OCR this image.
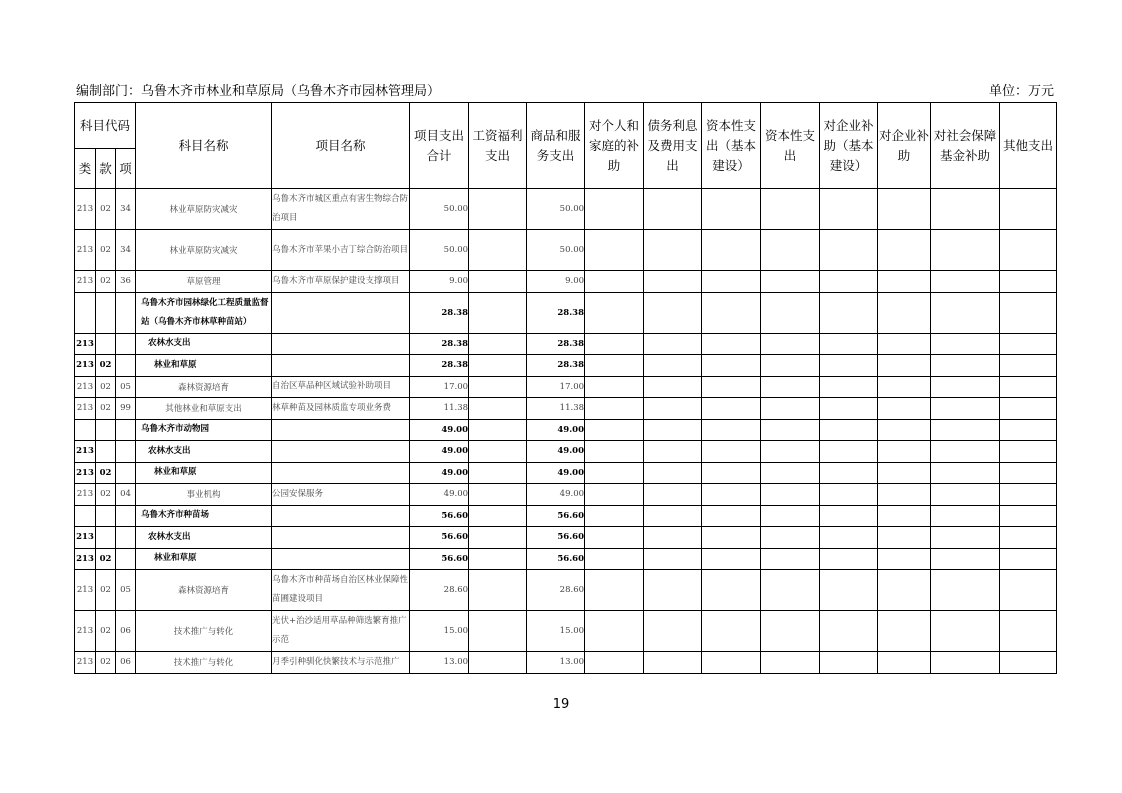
编制部门：乌鲁木齐市林业和草原局（乌鲁木齐市园林管理局）	单位：万元
科目代码			科目名称	项目名称	项目支出合计	工资福利支出	商品和服务支出	对个人和家庭的补助	债务利息及费用支出	资本性支出（基本建设）	资本性支出	对企业补助（基本建设）	对企业补助	对社会保障基金补助	其他支出
类	款	项													
213	02	34	林业草原防灾减灾	乌鲁木齐市城区重点有害生物综合防治项目	50.00		50.00								
213	02	34	林业草原防灾减灾	乌鲁木齐市苹果小吉丁综合防治项目	50.00		50.00								
213	02	36	草原管理	乌鲁木齐市草原保护建设支撑项目	9.00		9.00								
			乌鲁木齐市园林绿化工程质量监督站（乌鲁木齐市林草种苗站）		28.38		28.38								
213			农林水支出		28.38		28.38								
213	02		林业和草原		28.38		28.38								
213	02	05	森林资源培育	自治区草品种区域试验补助项目	17.00		17.00								
213	02	99	其他林业和草原支出	林草种苗及园林质监专项业务费	11.38		11.38								
			乌鲁木齐市动物园		49.00		49.00								
213			农林水支出		49.00		49.00								
213	02		林业和草原		49.00		49.00								
213	02	04	事业机构	公园安保服务	49.00		49.00								
			乌鲁木齐市种苗场		56.60		56.60								
213			农林水支出		56.60		56.60								
213	02		林业和草原		56.60		56.60								
213	02	05	森林资源培育	乌鲁木齐市种苗场自治区林业保障性苗圃建设项目	28.60		28.60								
213	02	06	技术推广与转化	光伏+治沙适用草品种筛选繁育推广示范	15.00		15.00								
213	02	06	技术推广与转化	月季引种驯化快繁技术与示范推广	13.00		13.00								
19
